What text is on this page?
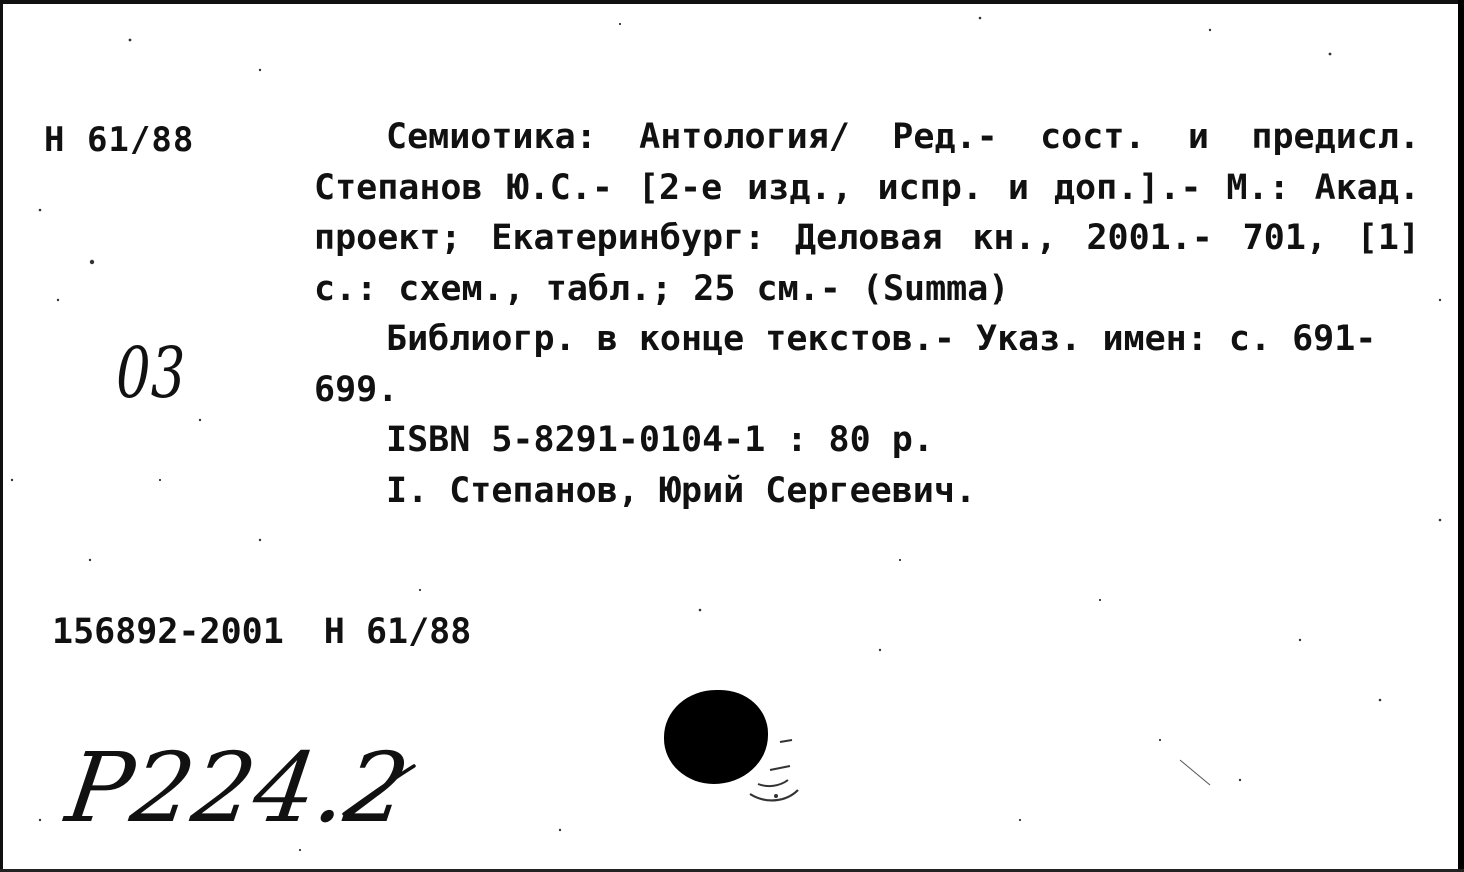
Н 61/88
03

Семиотика: Антология/ Ред.- сост. и предисл. Степанов Ю.С.- [2-е изд., испр. и доп.].- М.: Акад. проект; Екатеринбург: Деловая кн., 2001.- 701, [1] с.: схем., табл.; 25 см.- (Summa)

Библиогр. в конце текстов.- Указ. имен: с. 691-699.

ISBN 5-8291-0104-1 : 80 р.

I. Степанов, Юрий Сергеевич.

156892-2001 Н 61/88
Р224.2
